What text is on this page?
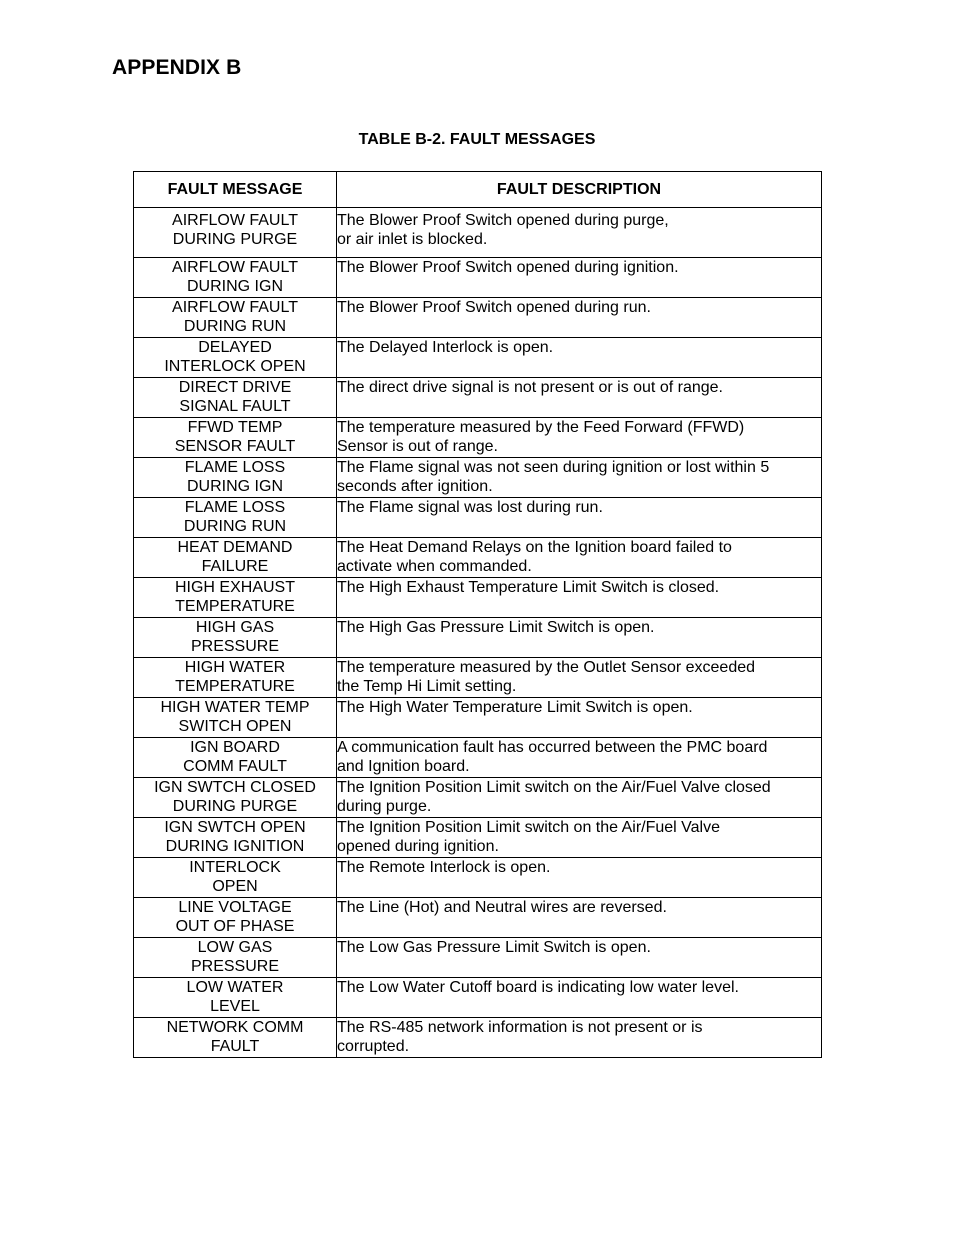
APPENDIX B
TABLE B-2. FAULT MESSAGES
FAULT MESSAGE	FAULT DESCRIPTION

AIRFLOW FAULT
DURING PURGE	The Blower Proof Switch opened during purge,
or air inlet is blocked.

AIRFLOW FAULT
DURING IGN	The Blower Proof Switch opened during ignition.

AIRFLOW FAULT
DURING RUN	The Blower Proof Switch opened during run.

DELAYED
INTERLOCK OPEN	The Delayed Interlock is open.

DIRECT DRIVE
SIGNAL FAULT	The direct drive signal is not present or is out of range.

FFWD TEMP
SENSOR FAULT	The temperature measured by the Feed Forward (FFWD)
Sensor is out of range.

FLAME LOSS
DURING IGN	The Flame signal was not seen during ignition or lost within 5
seconds after ignition.

FLAME LOSS
DURING RUN	The Flame signal was lost during run.

HEAT DEMAND
FAILURE	The Heat Demand Relays on the Ignition board failed to
activate when commanded.

HIGH EXHAUST
TEMPERATURE	The High Exhaust Temperature Limit Switch is closed.

HIGH GAS
PRESSURE	The High Gas Pressure Limit Switch is open.

HIGH WATER
TEMPERATURE	The temperature measured by the Outlet Sensor exceeded
the Temp Hi Limit setting.

HIGH WATER TEMP
SWITCH OPEN	The High Water Temperature Limit Switch is open.

IGN BOARD
COMM FAULT	A communication fault has occurred between the PMC board
and Ignition board.

IGN SWTCH CLOSED
DURING PURGE	The Ignition Position Limit switch on the Air/Fuel Valve closed
during purge.

IGN SWTCH OPEN
DURING IGNITION	The Ignition Position Limit switch on the Air/Fuel Valve
opened during ignition.

INTERLOCK
OPEN	The Remote Interlock is open.

LINE VOLTAGE
OUT OF PHASE	The Line (Hot) and Neutral wires are reversed.

LOW GAS
PRESSURE	The Low Gas Pressure Limit Switch is open.

LOW WATER
LEVEL	The Low Water Cutoff board is indicating low water level.

NETWORK COMM
FAULT	The RS-485 network information is not present or is
corrupted.
